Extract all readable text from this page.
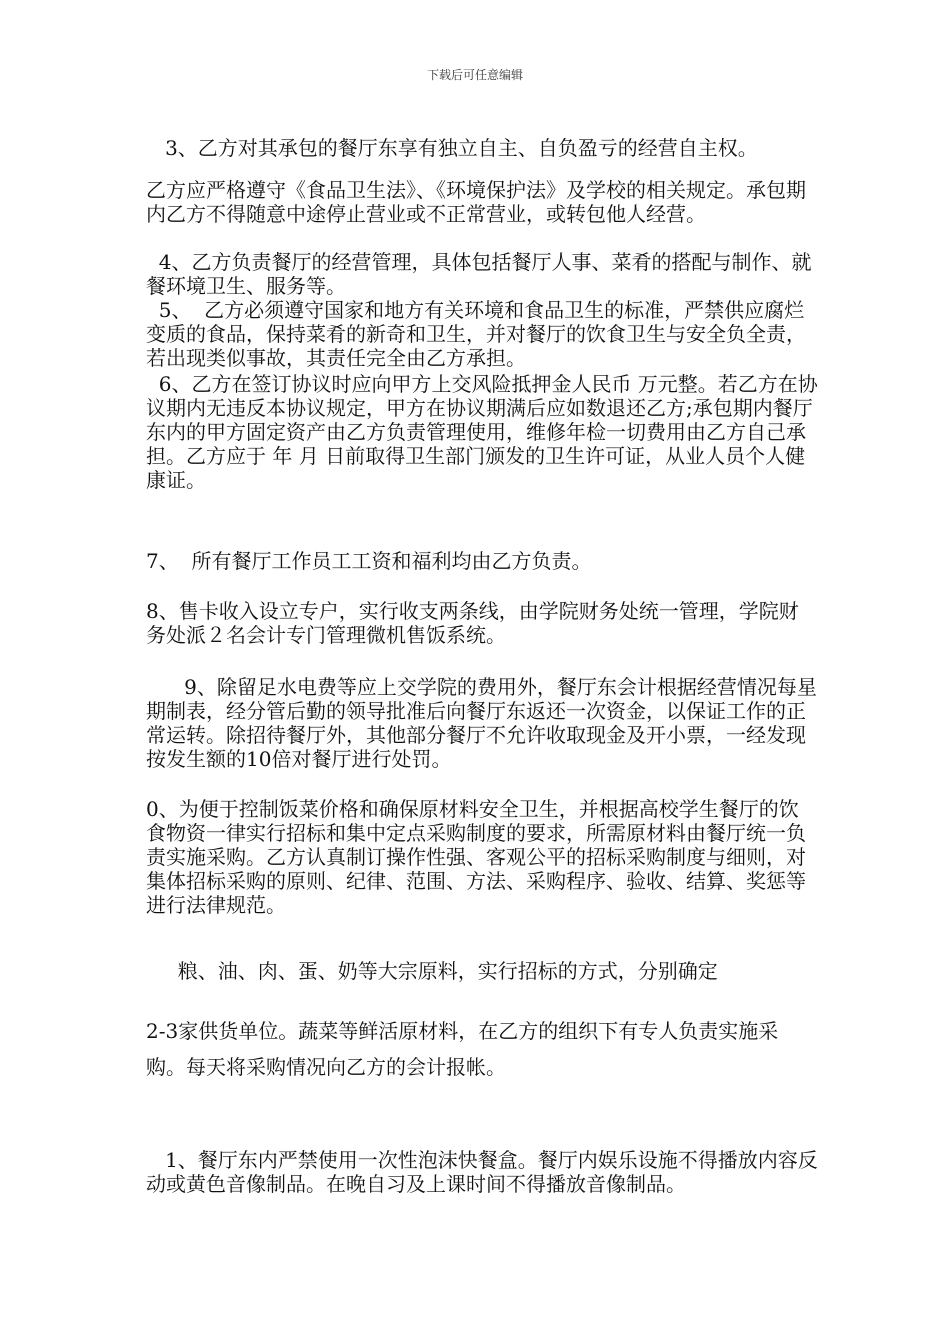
下载后可任意编辑

3、乙方对其承包的餐厅东享有独立自主、自负盈亏的经营自主权。

乙方应严格遵守《食品卫生法》、《环境保护法》及学校的相关规定。承包期内乙方不得随意中途停止营业或不正常营业，或转包他人经营。

4、乙方负责餐厅的经营管理，具体包括餐厅人事、菜肴的搭配与制作、就餐环境卫生、服务等。

5、  乙方必须遵守国家和地方有关环境和食品卫生的标准，严禁供应腐烂变质的食品，保持菜肴的新奇和卫生，并对餐厅的饮食卫生与安全负全责，若出现类似事故，其责任完全由乙方承担。

6、乙方在签订协议时应向甲方上交风险抵押金人民币 万元整。若乙方在协议期内无违反本协议规定，甲方在协议期满后应如数退还乙方;承包期内餐厅东内的甲方固定资产由乙方负责管理使用，维修年检一切费用由乙方自己承担。乙方应于 年 月 日前取得卫生部门颁发的卫生许可证，从业人员个人健康证。

7、  所有餐厅工作员工工资和福利均由乙方负责。

8、售卡收入设立专户，实行收支两条线，由学院财务处统一管理，学院财务处派２名会计专门管理微机售饭系统。

9、除留足水电费等应上交学院的费用外，餐厅东会计根据经营情况每星期制表，经分管后勤的领导批准后向餐厅东返还一次资金，以保证工作的正常运转。除招待餐厅外，其他部分餐厅不允许收取现金及开小票，一经发现按发生额的10倍对餐厅进行处罚。

0、为便于控制饭菜价格和确保原材料安全卫生，并根据高校学生餐厅的饮食物资一律实行招标和集中定点采购制度的要求，所需原材料由餐厅统一负责实施采购。乙方认真制订操作性强、客观公平的招标采购制度与细则，对集体招标采购的原则、纪律、范围、方法、采购程序、验收、结算、奖惩等进行法律规范。

粮、油、肉、蛋、奶等大宗原料，实行招标的方式，分别确定

2-3家供货单位。蔬菜等鲜活原材料，在乙方的组织下有专人负责实施采购。每天将采购情况向乙方的会计报帐。

1、餐厅东内严禁使用一次性泡沫快餐盒。餐厅内娱乐设施不得播放内容反动或黄色音像制品。在晚自习及上课时间不得播放音像制品。
